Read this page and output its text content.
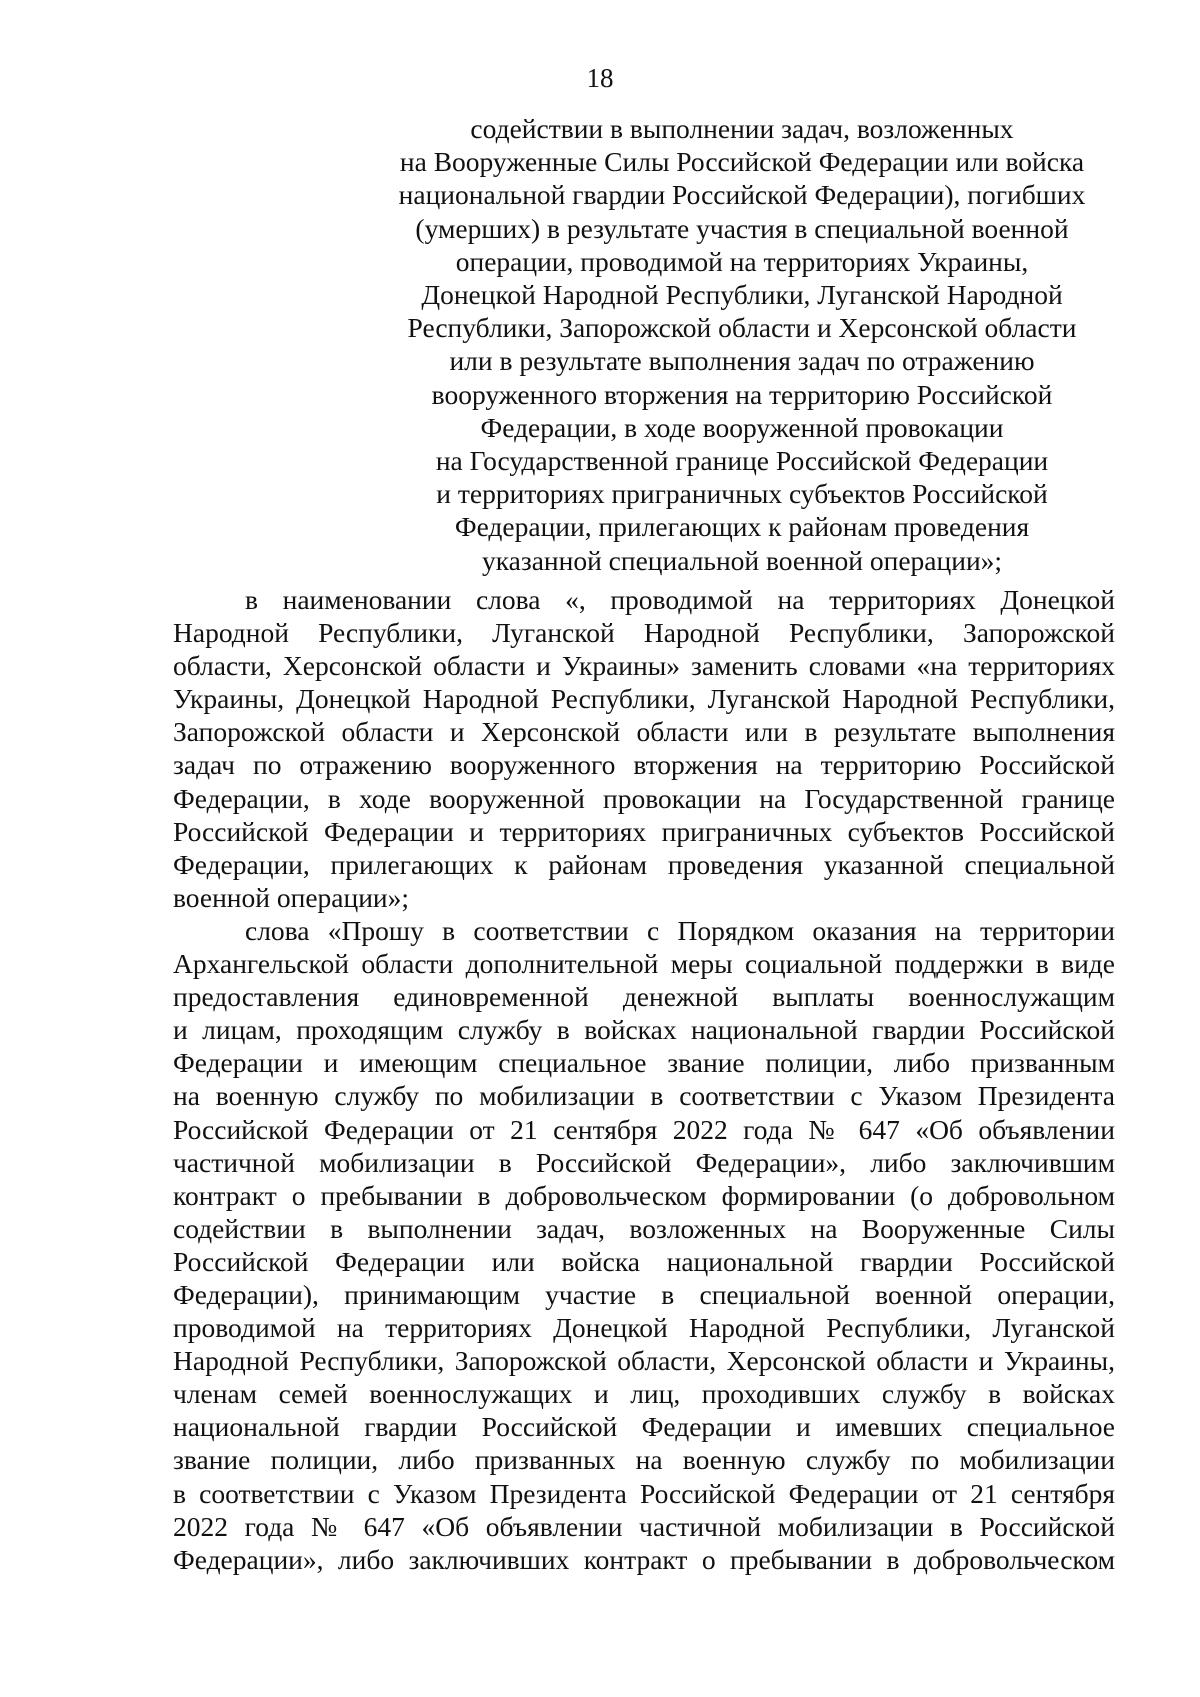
18
содействии в выполнении задач, возложенных
на Вооруженные Силы Российской Федерации или войска
национальной гвардии Российской Федерации), погибших
(умерших) в результате участия в специальной военной
операции, проводимой на территориях Украины,
Донецкой Народной Республики, Луганской Народной
Республики, Запорожской области и Херсонской области
или в результате выполнения задач по отражению
вооруженного вторжения на территорию Российской
Федерации, в ходе вооруженной провокации
на Государственной границе Российской Федерации
и территориях приграничных субъектов Российской
Федерации, прилегающих к районам проведения
указанной специальной военной операции»;
в наименовании слова «, проводимой на территориях Донецкой
Народной Республики, Луганской Народной Республики, Запорожской
области, Херсонской области и Украины» заменить словами «на территориях
Украины, Донецкой Народной Республики, Луганской Народной Республики,
Запорожской области и Херсонской области или в результате выполнения
задач по отражению вооруженного вторжения на территорию Российской
Федерации, в ходе вооруженной провокации на Государственной границе
Российской Федерации и территориях приграничных субъектов Российской
Федерации, прилегающих к районам проведения указанной специальной
военной операции»;
слова «Прошу в соответствии с Порядком оказания на территории
Архангельской области дополнительной меры социальной поддержки в виде
предоставления единовременной денежной выплаты военнослужащим
и лицам, проходящим службу в войсках национальной гвардии Российской
Федерации и имеющим специальное звание полиции, либо призванным
на военную службу по мобилизации в соответствии с Указом Президента
Российской Федерации от 21 сентября 2022 года № 647 «Об объявлении
частичной мобилизации в Российской Федерации», либо заключившим
контракт о пребывании в добровольческом формировании (о добровольном
содействии в выполнении задач, возложенных на Вооруженные Силы
Российской Федерации или войска национальной гвардии Российской
Федерации), принимающим участие в специальной военной операции,
проводимой на территориях Донецкой Народной Республики, Луганской
Народной Республики, Запорожской области, Херсонской области и Украины,
членам семей военнослужащих и лиц, проходивших службу в войсках
национальной гвардии Российской Федерации и имевших специальное
звание полиции, либо призванных на военную службу по мобилизации
в соответствии с Указом Президента Российской Федерации от 21 сентября
2022 года № 647 «Об объявлении частичной мобилизации в Российской
Федерации», либо заключивших контракт о пребывании в добровольческом
